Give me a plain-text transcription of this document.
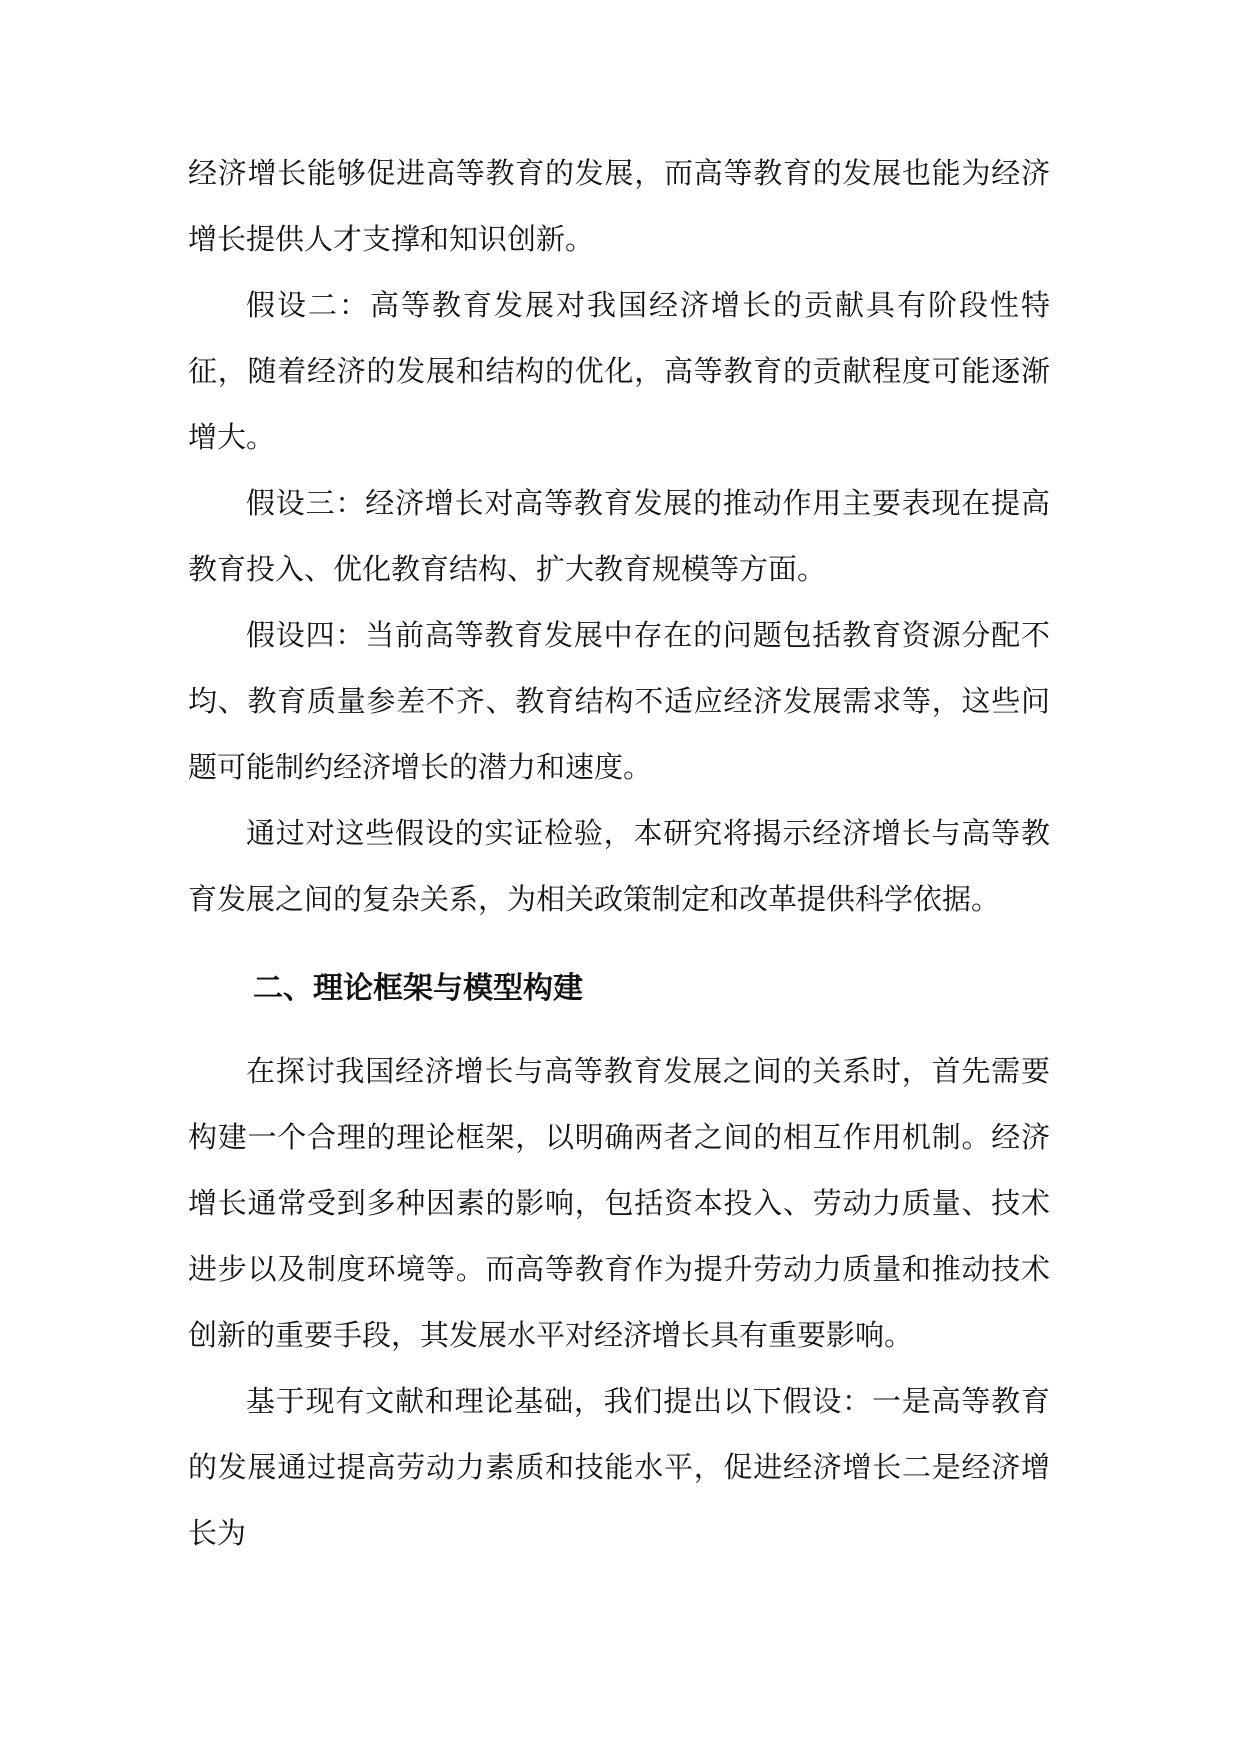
经济增长能够促进高等教育的发展，而高等教育的发展也能为经济增长提供人才支撑和知识创新。

假设二：高等教育发展对我国经济增长的贡献具有阶段性特征，随着经济的发展和结构的优化，高等教育的贡献程度可能逐渐增大。

假设三：经济增长对高等教育发展的推动作用主要表现在提高教育投入、优化教育结构、扩大教育规模等方面。

假设四：当前高等教育发展中存在的问题包括教育资源分配不均、教育质量参差不齐、教育结构不适应经济发展需求等，这些问题可能制约经济增长的潜力和速度。

通过对这些假设的实证检验，本研究将揭示经济增长与高等教育发展之间的复杂关系，为相关政策制定和改革提供科学依据。

二、理论框架与模型构建

在探讨我国经济增长与高等教育发展之间的关系时，首先需要构建一个合理的理论框架，以明确两者之间的相互作用机制。经济增长通常受到多种因素的影响，包括资本投入、劳动力质量、技术进步以及制度环境等。而高等教育作为提升劳动力质量和推动技术创新的重要手段，其发展水平对经济增长具有重要影响。

基于现有文献和理论基础，我们提出以下假设：一是高等教育的发展通过提高劳动力素质和技能水平，促进经济增长二是经济增长为
